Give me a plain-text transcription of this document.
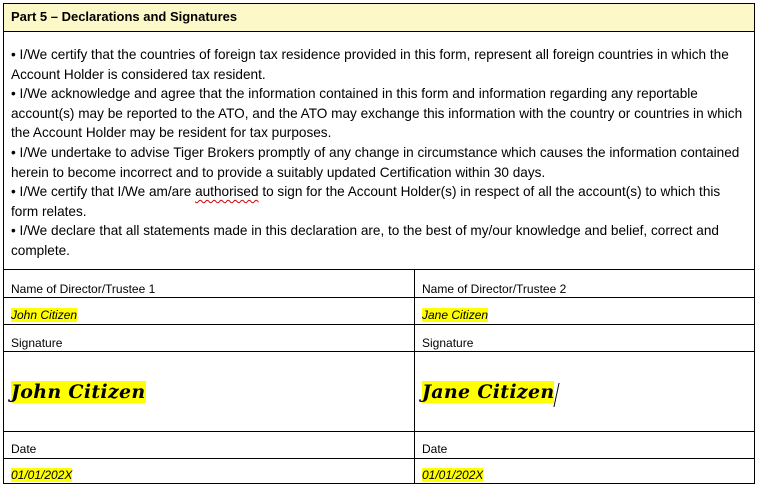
Part 5 – Declarations and Signatures

• I/We certify that the countries of foreign tax residence provided in this form, represent all foreign countries in which the Account Holder is considered tax resident.

• I/We acknowledge and agree that the information contained in this form and information regarding any reportable account(s) may be reported to the ATO, and the ATO may exchange this information with the country or countries in which the Account Holder may be resident for tax purposes.

• I/We undertake to advise Tiger Brokers promptly of any change in circumstance which causes the information contained herein to become incorrect and to provide a suitably updated Certification within 30 days.

• I/We certify that I/We am/are authorised to sign for the Account Holder(s) in respect of all the account(s) to which this form relates.

• I/We declare that all statements made in this declaration are, to the best of my/our knowledge and belief, correct and complete.

Name of Director/Trustee 1
John Citizen
Signature
John Citizen
Date
01/01/202X
Name of Director/Trustee 2
Jane Citizen
Signature
Jane Citizen
Date
01/01/202X
